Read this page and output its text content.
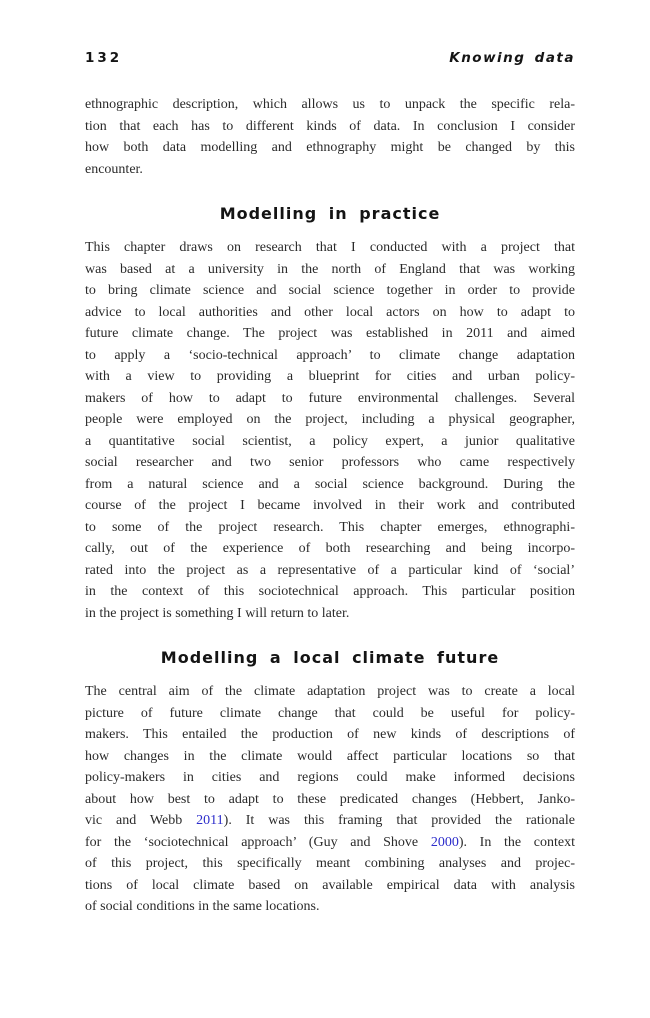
132	Knowing data
ethnographic description, which allows us to unpack the specific rela-
tion that each has to different kinds of data. In conclusion I consider
how both data modelling and ethnography might be changed by this
encounter.
Modelling in practice
This chapter draws on research that I conducted with a project that
was based at a university in the north of England that was working
to bring climate science and social science together in order to provide
advice to local authorities and other local actors on how to adapt to
future climate change. The project was established in 2011 and aimed
to apply a ‘socio-technical approach’ to climate change adaptation
with a view to providing a blueprint for cities and urban policy-
makers of how to adapt to future environmental challenges. Several
people were employed on the project, including a physical geographer,
a quantitative social scientist, a policy expert, a junior qualitative
social researcher and two senior professors who came respectively
from a natural science and a social science background. During the
course of the project I became involved in their work and contributed
to some of the project research. This chapter emerges, ethnographi-
cally, out of the experience of both researching and being incorpo-
rated into the project as a representative of a particular kind of ‘social’
in the context of this sociotechnical approach. This particular position
in the project is something I will return to later.
Modelling a local climate future
The central aim of the climate adaptation project was to create a local
picture of future climate change that could be useful for policy-
makers. This entailed the production of new kinds of descriptions of
how changes in the climate would affect particular locations so that
policy-makers in cities and regions could make informed decisions
about how best to adapt to these predicated changes (Hebbert, Janko-
vic and Webb 2011). It was this framing that provided the rationale
for the ‘sociotechnical approach’ (Guy and Shove 2000). In the context
of this project, this specifically meant combining analyses and projec-
tions of local climate based on available empirical data with analysis
of social conditions in the same locations.
